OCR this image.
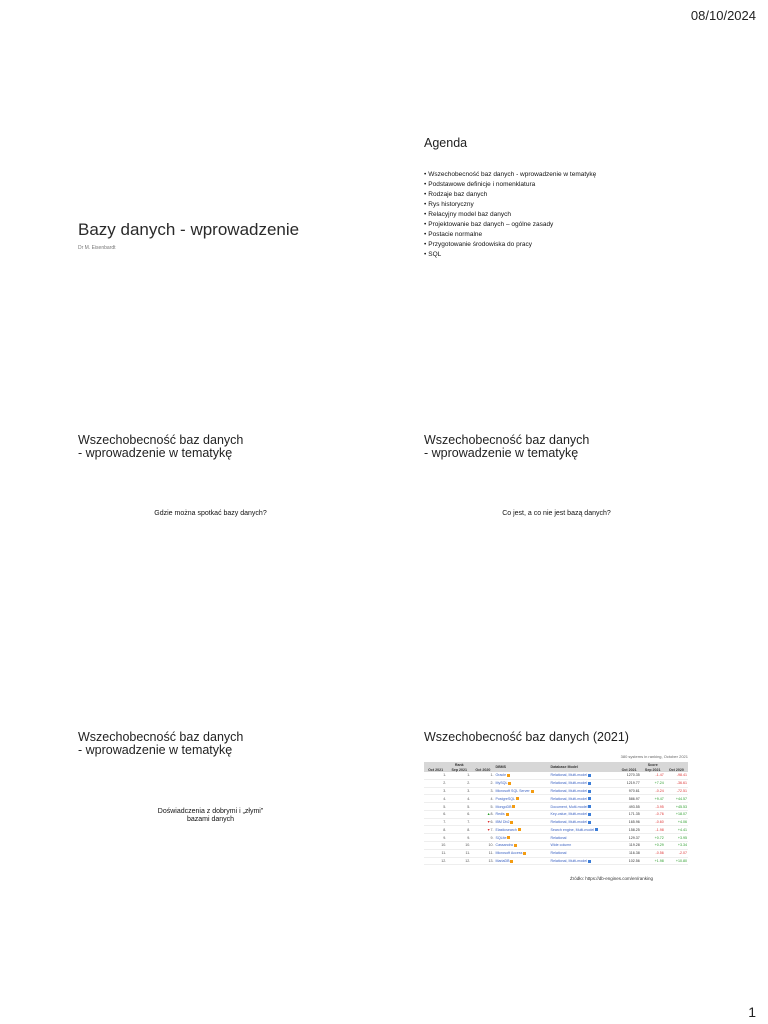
08/10/2024
Bazy danych - wprowadzenie
Dr M. Eisenbardt
Agenda
• Wszechobecność baz danych - wprowadzenie w tematykę
• Podstawowe definicje i nomenklatura
• Rodzaje baz danych
• Rys historyczny
• Relacyjny model baz danych
• Projektowanie baz danych – ogólne zasady
• Postacie normalne
• Przygotowanie środowiska do pracy
• SQL
Wszechobecność baz danych
- wprowadzenie w tematykę
Gdzie można spotkać bazy danych?
Wszechobecność baz danych
- wprowadzenie w tematykę
Co jest, a co nie jest bazą danych?
Wszechobecność baz danych
- wprowadzenie w tematykę
Doświadczenia z dobrymi i „złymi”
bazami danych
Wszechobecność baz danych (2021)
380 systems in ranking, October 2021
Rank			DBMS	Database Model	Score		
Oct 2021	Sep 2021	Oct 2020			Oct 2021	Sep 2021	Oct 2020
1.	1.	1.	Oracle	Relational, Multi-model	1270.35	-1.47	-98.41
2.	2.	2.	MySQL	Relational, Multi-model	1219.77	+7.24	-36.61
3.	3.	3.	Microsoft SQL Server	Relational, Multi-model	970.61	-0.24	-72.51
4.	4.	4.	PostgreSQL	Relational, Multi-model	586.97	+9.47	+44.57
5.	5.	5.	MongoDB	Document, Multi-model	493.55	-3.95	+45.53
6.	6.	▲8.	Redis	Key-value, Multi-model	171.35	-0.76	+18.07
7.	7.	▼6.	IBM Db2	Relational, Multi-model	165.96	-0.60	+4.06
8.	8.	▼7.	Elasticsearch	Search engine, Multi-model	158.25	-1.98	+4.41
9.	9.	9.	SQLite	Relational	129.37	+0.72	+3.95
10.	10.	10.	Cassandra	Wide column	119.28	+0.29	+3.34
11.	11.	11.	Microsoft Access	Relational	116.38	-0.56	-2.07
12.	12.	13.	MariaDB	Relational, Multi-model	102.56	+1.98	+10.80
Źródło: https://db-engines.com/en/ranking
1
